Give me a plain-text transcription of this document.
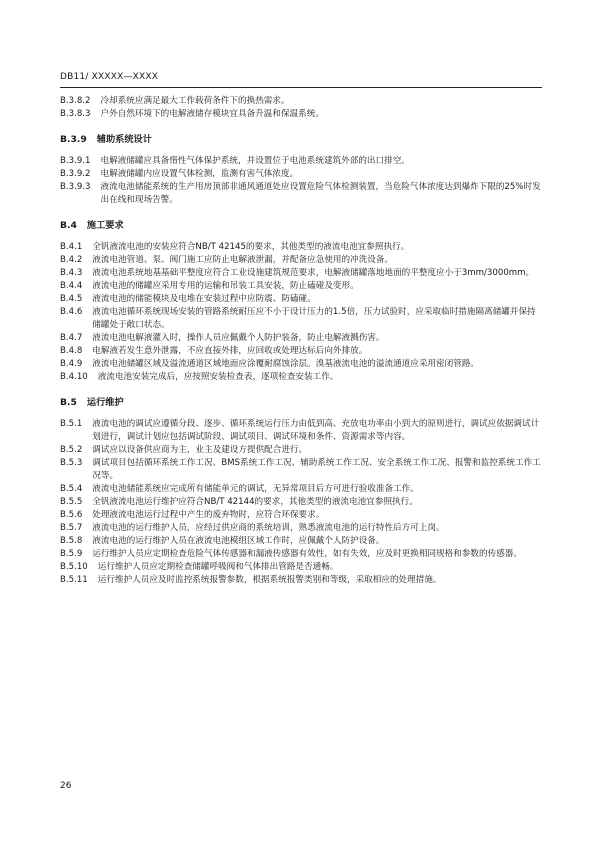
DB11/ XXXXX—XXXX
B.3.8.2 冷却系统应满足最大工作载荷条件下的换热需求。
B.3.8.3 户外自然环境下的电解液储存模块宜具备升温和保温系统。
B.3.9 辅助系统设计
B.3.9.1 电解液储罐应具备惰性气体保护系统，并设置位于电池系统建筑外部的出口排空。
B.3.9.2 电解液储罐内应设置气体检测，监测有害气体浓度。
B.3.9.3 液流电池储能系统的生产用房顶部非通风通道处应设置危险气体检测装置，当危险气体浓度达到爆炸下限的25%时发出在线和现场告警。
B.4 施工要求
B.4.1 全钒液流电池的安装应符合NB/T 42145的要求，其他类型的液流电池宜参照执行。
B.4.2 液流电池管道、泵、阀门施工应防止电解液泄漏，并配备应急使用的冲洗设备。
B.4.3 液流电池系统地基基础平整度应符合工业设施建筑规范要求，电解液储罐落地地面的平整度应小于3mm/3000mm。
B.4.4 液流电池的储罐应采用专用的运输和吊装工具安装，防止磕碰及变形。
B.4.5 液流电池的储能模块及电堆在安装过程中应防震、防磕碰。
B.4.6 液流电池循环系统现场安装的管路系统耐压应不小于设计压力的1.5倍，压力试验时，应采取临时措施隔离储罐并保持储罐处于敞口状态。
B.4.7 液流电池电解液灌入时，操作人员应佩戴个人防护装备，防止电解液溅伤害。
B.4.8 电解液若发生意外泄露，不应直接外排，应回收或处理达标后向外排放。
B.4.9 液流电池储罐区域及溢流通道区域地面应涂覆耐腐蚀涂层。溴基液流电池的溢流通道应采用密闭管路。
B.4.10 液流电池安装完成后，应按照安装检查表，逐项检查安装工作。
B.5 运行维护
B.5.1 液流电池的调试应遵循分段、逐步、循环系统运行压力由低到高、充放电功率由小到大的原则进行，调试应依据调试计划进行，调试计划应包括调试阶段、调试项目、调试环境和条件、资源需求等内容。
B.5.2 调试应以设备供应商为主，业主及建设方提供配合进行。
B.5.3 调试项目包括循环系统工作工况、BMS系统工作工况、辅助系统工作工况、安全系统工作工况、报警和监控系统工作工况等。
B.5.4 液流电池储能系统应完成所有储能单元的调试，无异常项目后方可进行验收准备工作。
B.5.5 全钒液流电池运行维护应符合NB/T 42144的要求，其他类型的液流电池宜参照执行。
B.5.6 处理液流电池运行过程中产生的废弃物时，应符合环保要求。
B.5.7 液流电池的运行维护人员，应经过供应商的系统培训，熟悉液流电池的运行特性后方可上岗。
B.5.8 液流电池的运行维护人员在液流电池模组区域工作时，应佩戴个人防护设备。
B.5.9 运行维护人员应定期检查危险气体传感器和漏液传感器有效性，如有失效，应及时更换相同规格和参数的传感器。
B.5.10 运行维护人员应定期检查储罐呼吸阀和气体排出管路是否通畅。
B.5.11 运行维护人员应及时监控系统报警参数，根据系统报警类别和等级，采取相应的处理措施。
26
